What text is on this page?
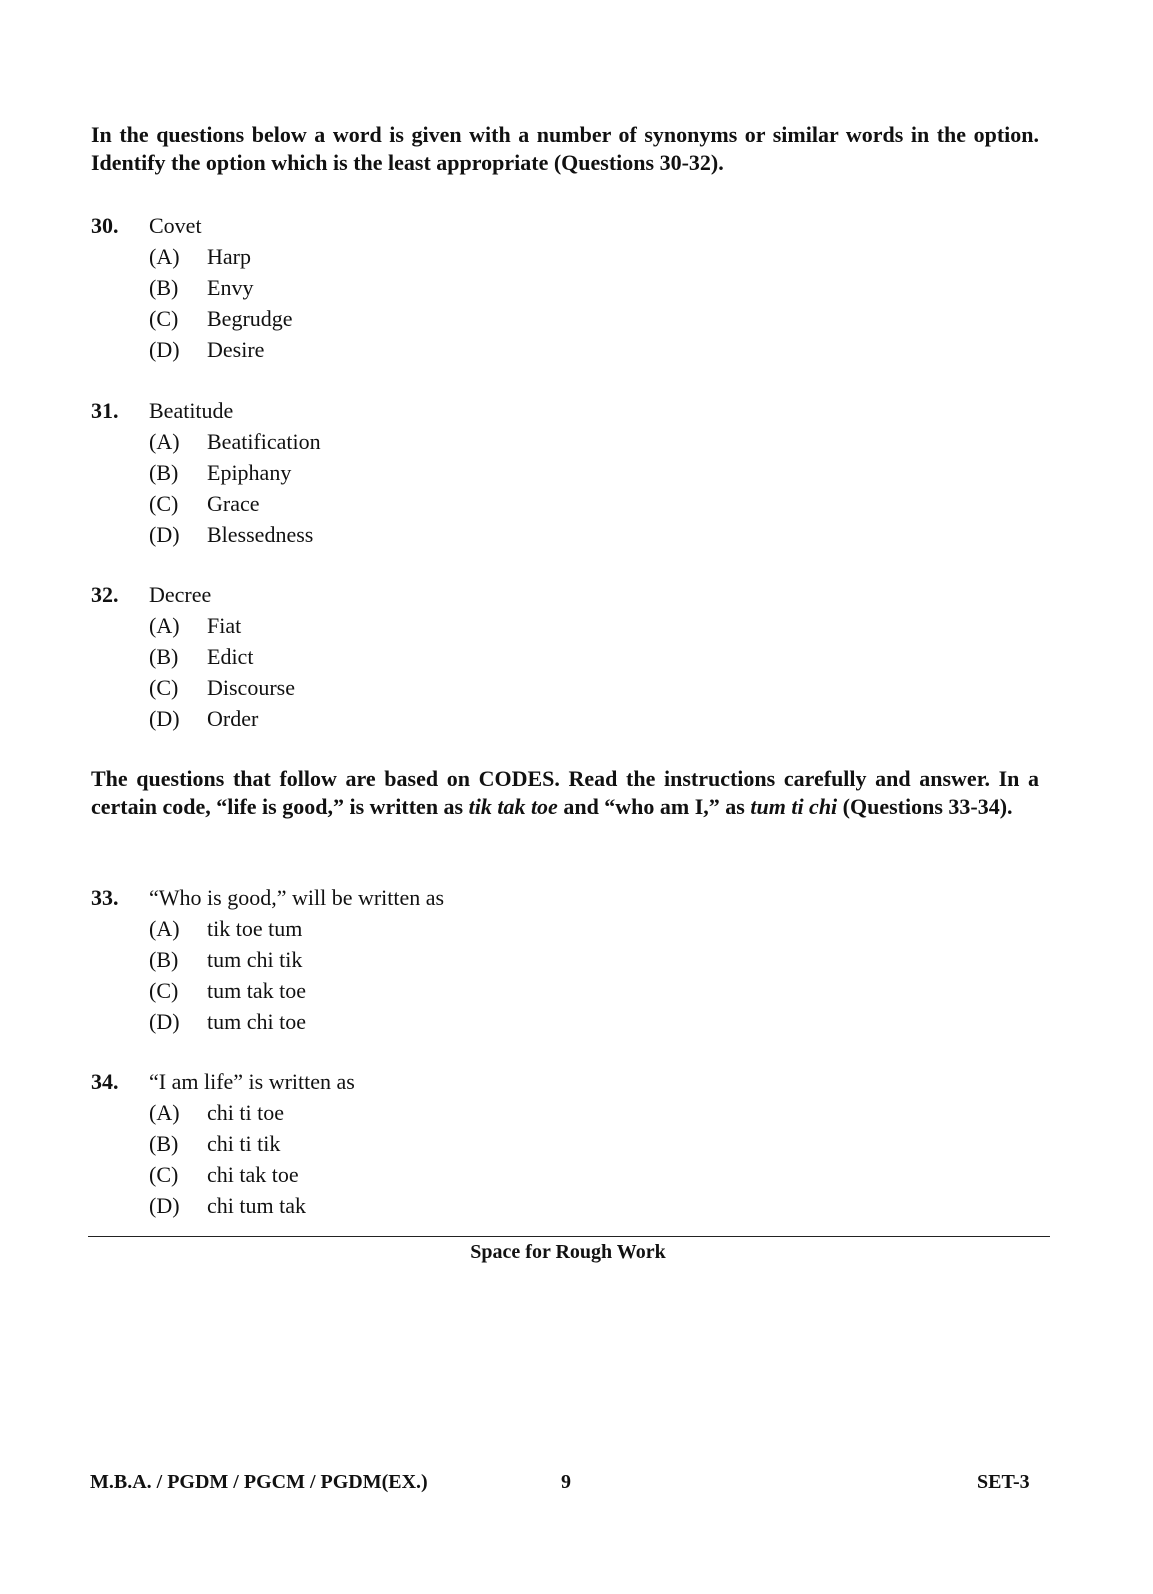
In the questions below a word is given with a number of synonyms or similar words in the option. Identify the option which is the least appropriate (Questions 30-32).
30. Covet
(A) Harp
(B) Envy
(C) Begrudge
(D) Desire
31. Beatitude
(A) Beatification
(B) Epiphany
(C) Grace
(D) Blessedness
32. Decree
(A) Fiat
(B) Edict
(C) Discourse
(D) Order
The questions that follow are based on CODES. Read the instructions carefully and answer. In a certain code, “life is good,” is written as tik tak toe and “who am I,” as tum ti chi (Questions 33-34).
33. “Who is good,” will be written as
(A) tik toe tum
(B) tum chi tik
(C) tum tak toe
(D) tum chi toe
34. “I am life” is written as
(A) chi ti toe
(B) chi ti tik
(C) chi tak toe
(D) chi tum tak
Space for Rough Work
M.B.A. / PGDM / PGCM / PGDM(EX.)	9	SET-3
